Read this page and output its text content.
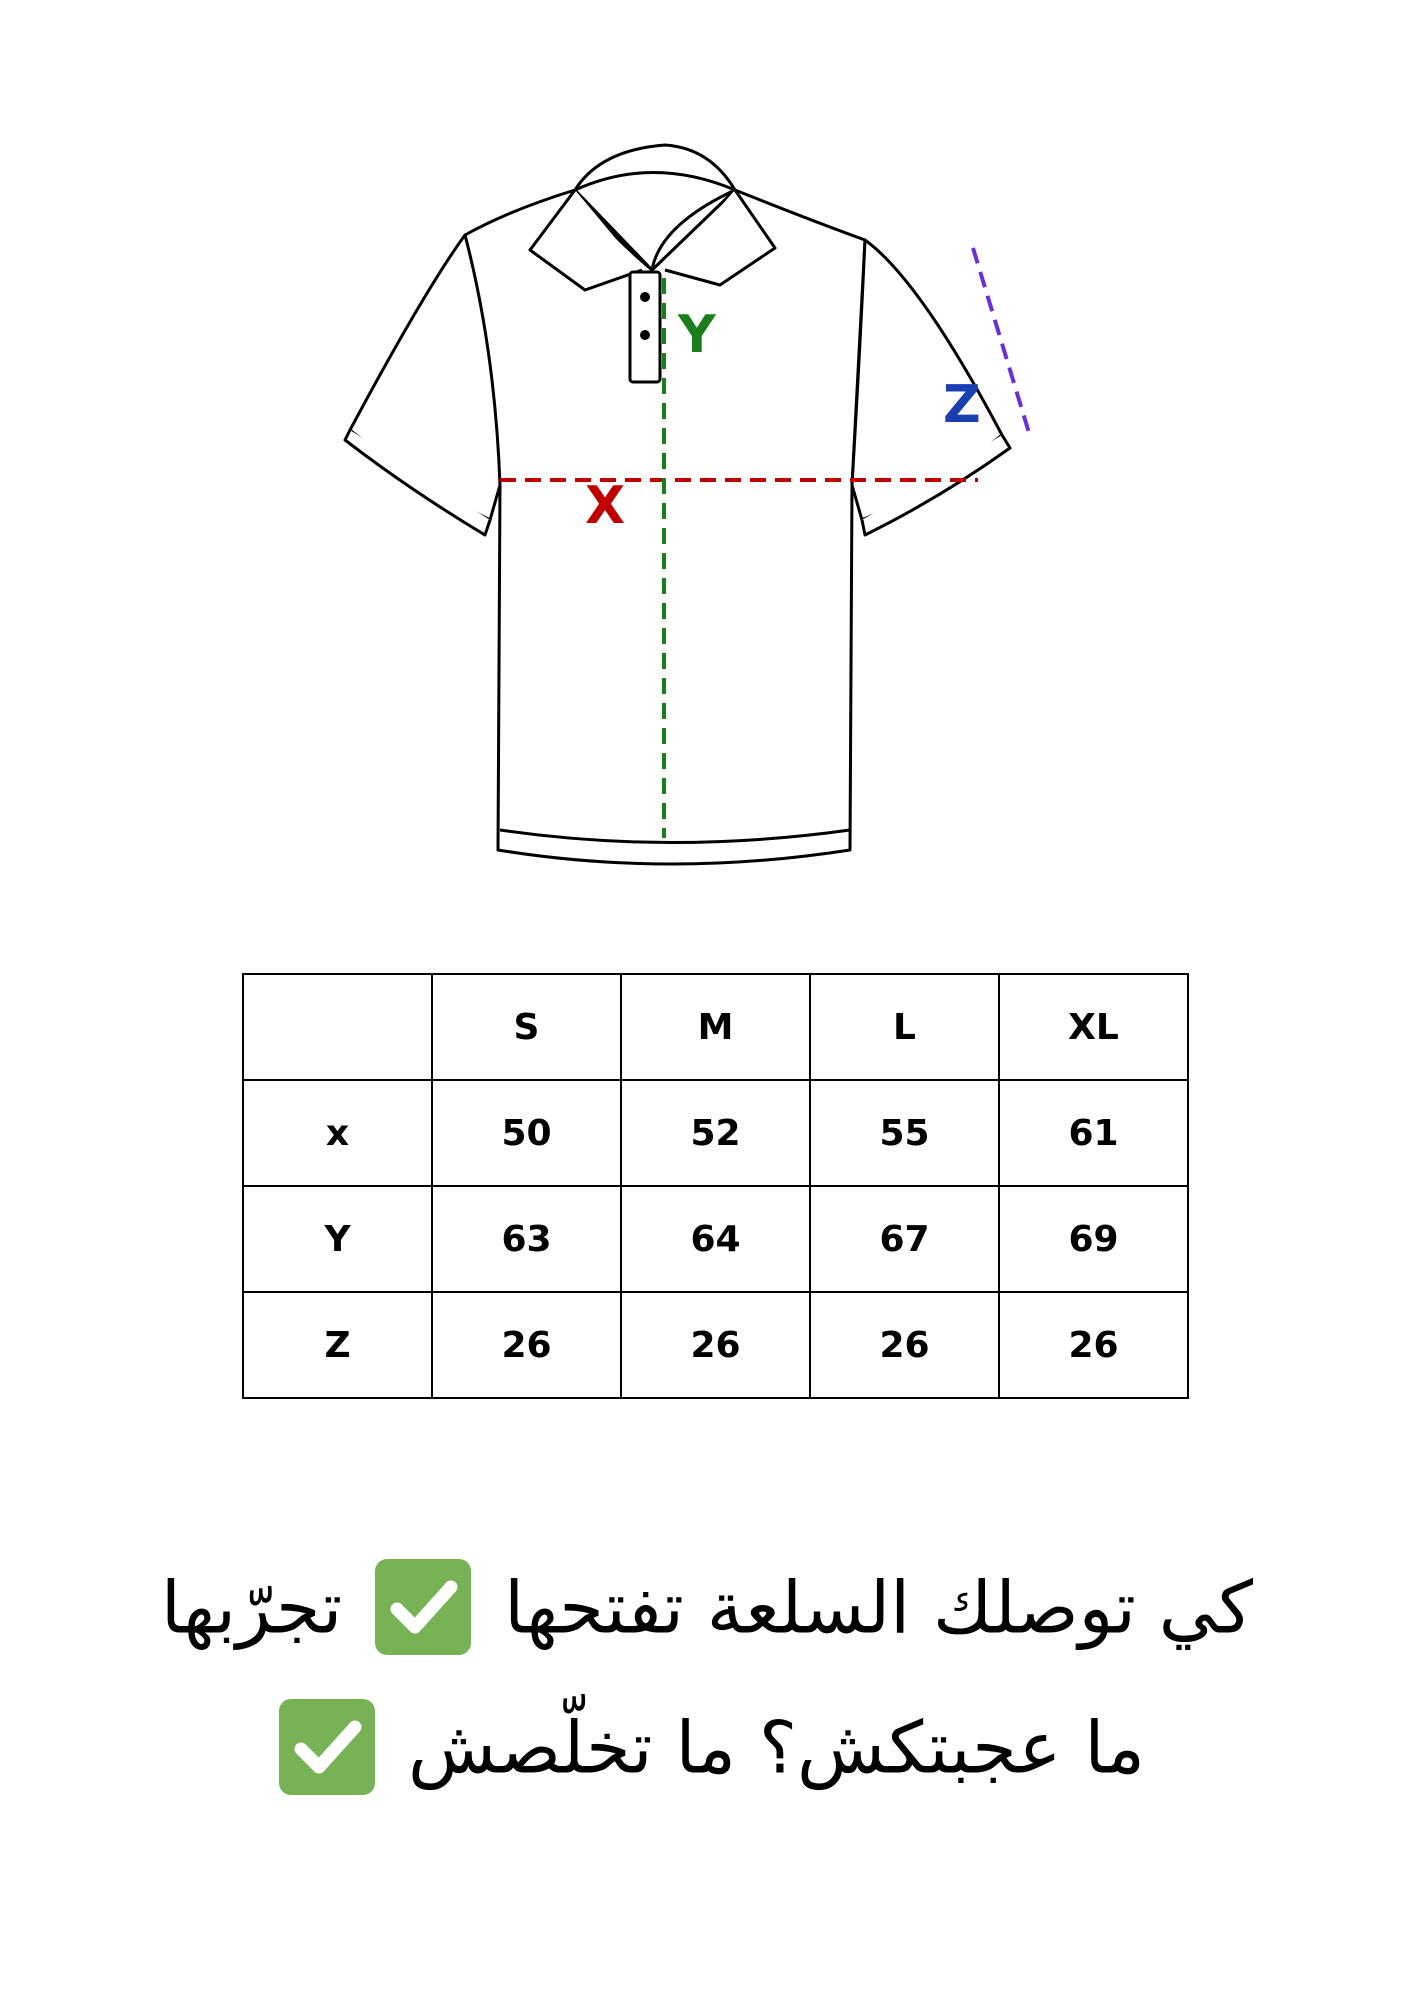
X
Y
Z
	S	M	L	XL
x	50	52	55	61
Y	63	64	67	69
Z	26	26	26	26
كي توصلك السلعة تفتحها
تجرّبها
ما عجبتكش؟ ما تخلّصش
